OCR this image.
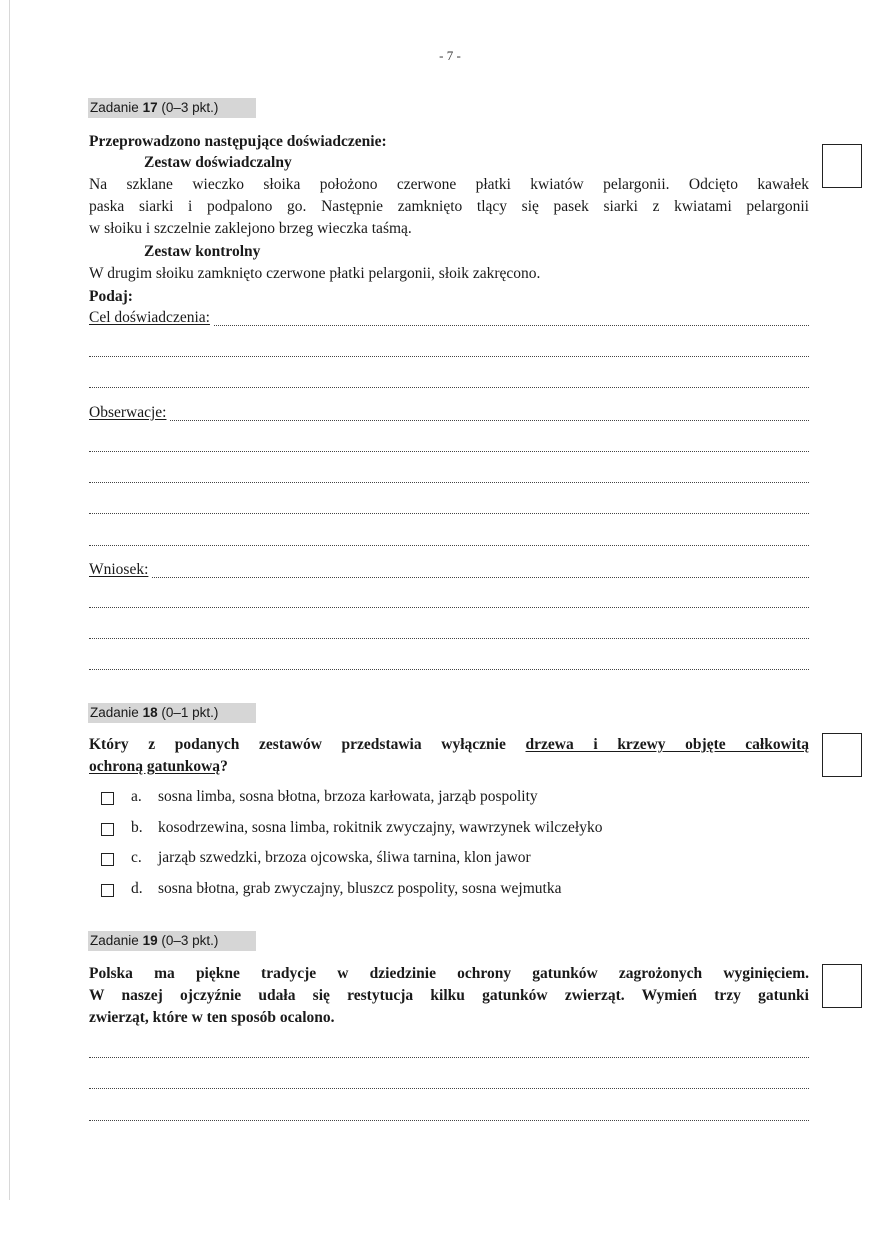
- 7 -
Zadanie 17 (0–3 pkt.)
Przeprowadzono następujące doświadczenie:
Zestaw doświadczalny
Na szklane wieczko słoika położono czerwone płatki kwiatów pelargonii. Odcięto kawałek
paska siarki i podpalono go. Następnie zamknięto tlący się pasek siarki z kwiatami pelargonii
w słoiku i szczelnie zaklejono brzeg wieczka taśmą.
Zestaw kontrolny
W drugim słoiku zamknięto czerwone płatki pelargonii, słoik zakręcono.
Podaj:
Cel doświadczenia:
Obserwacje:
Wniosek:
Zadanie 18 (0–1 pkt.)
Który z podanych zestawów przedstawia wyłącznie drzewa i krzewy objęte całkowitą
ochroną gatunkową?
a. sosna limba, sosna błotna, brzoza karłowata, jarząb pospolity
b. kosodrzewina, sosna limba, rokitnik zwyczajny, wawrzynek wilczełyko
c. jarząb szwedzki, brzoza ojcowska, śliwa tarnina, klon jawor
d. sosna błotna, grab zwyczajny, bluszcz pospolity, sosna wejmutka
Zadanie 19 (0–3 pkt.)
Polska ma piękne tradycje w dziedzinie ochrony gatunków zagrożonych wyginięciem.
W naszej ojczyźnie udała się restytucja kilku gatunków zwierząt. Wymień trzy gatunki
zwierząt, które w ten sposób ocalono.
